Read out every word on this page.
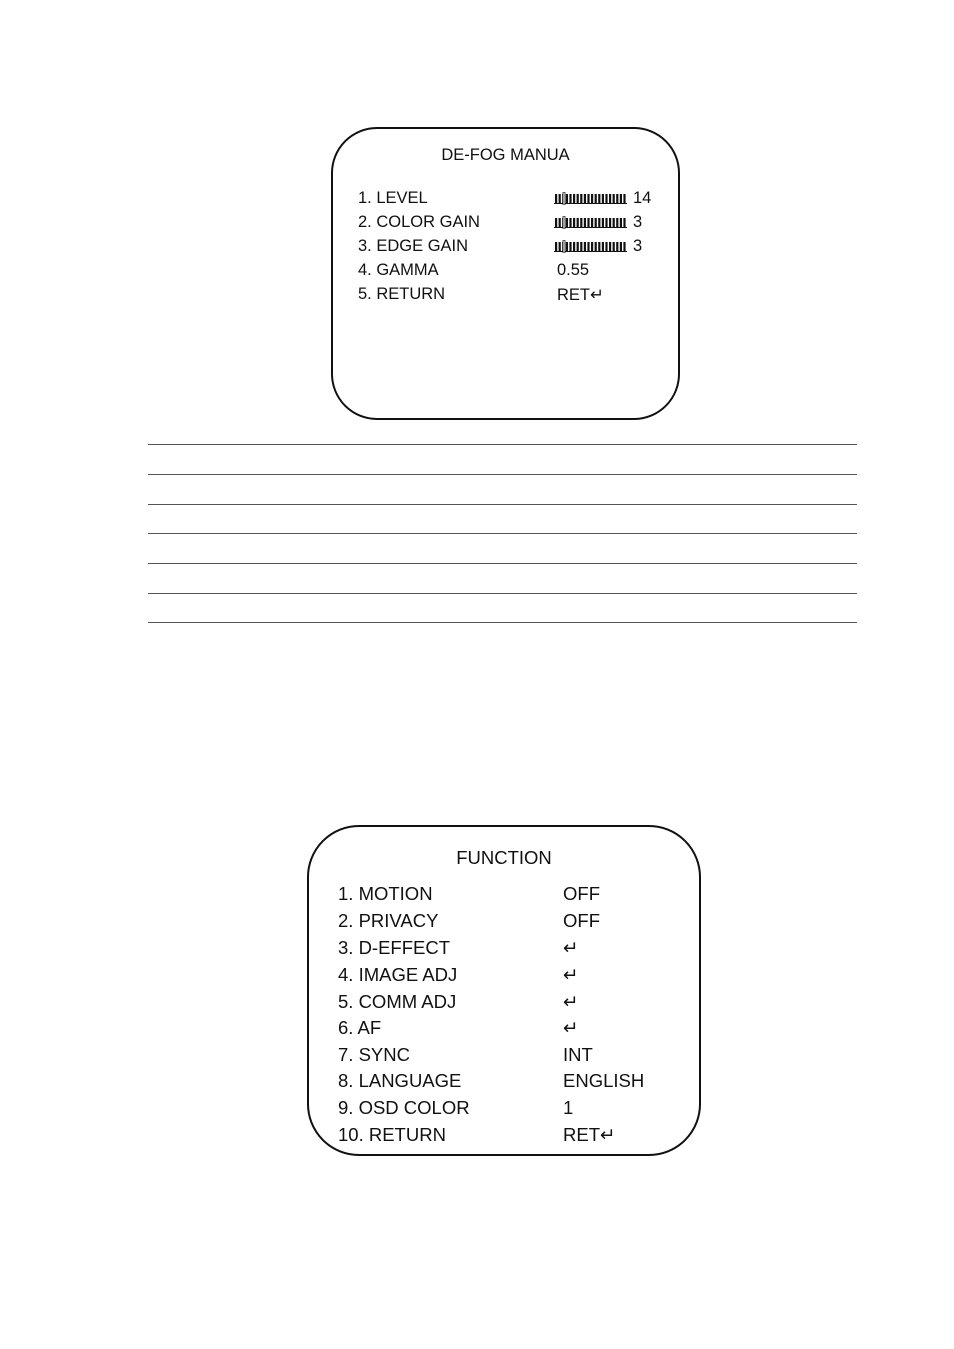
DE-FOG MANUA
1. LEVEL	14
2. COLOR GAIN	3
3. EDGE GAIN	3
4. GAMMA	0.55
5. RETURN	RET↵
FUNCTION
1. MOTION	OFF
2. PRIVACY	OFF
3. D-EFFECT	↵
4. IMAGE ADJ	↵
5. COMM ADJ	↵
6. AF	↵
7. SYNC	INT
8. LANGUAGE	ENGLISH
9. OSD COLOR	1
10. RETURN	RET↵
